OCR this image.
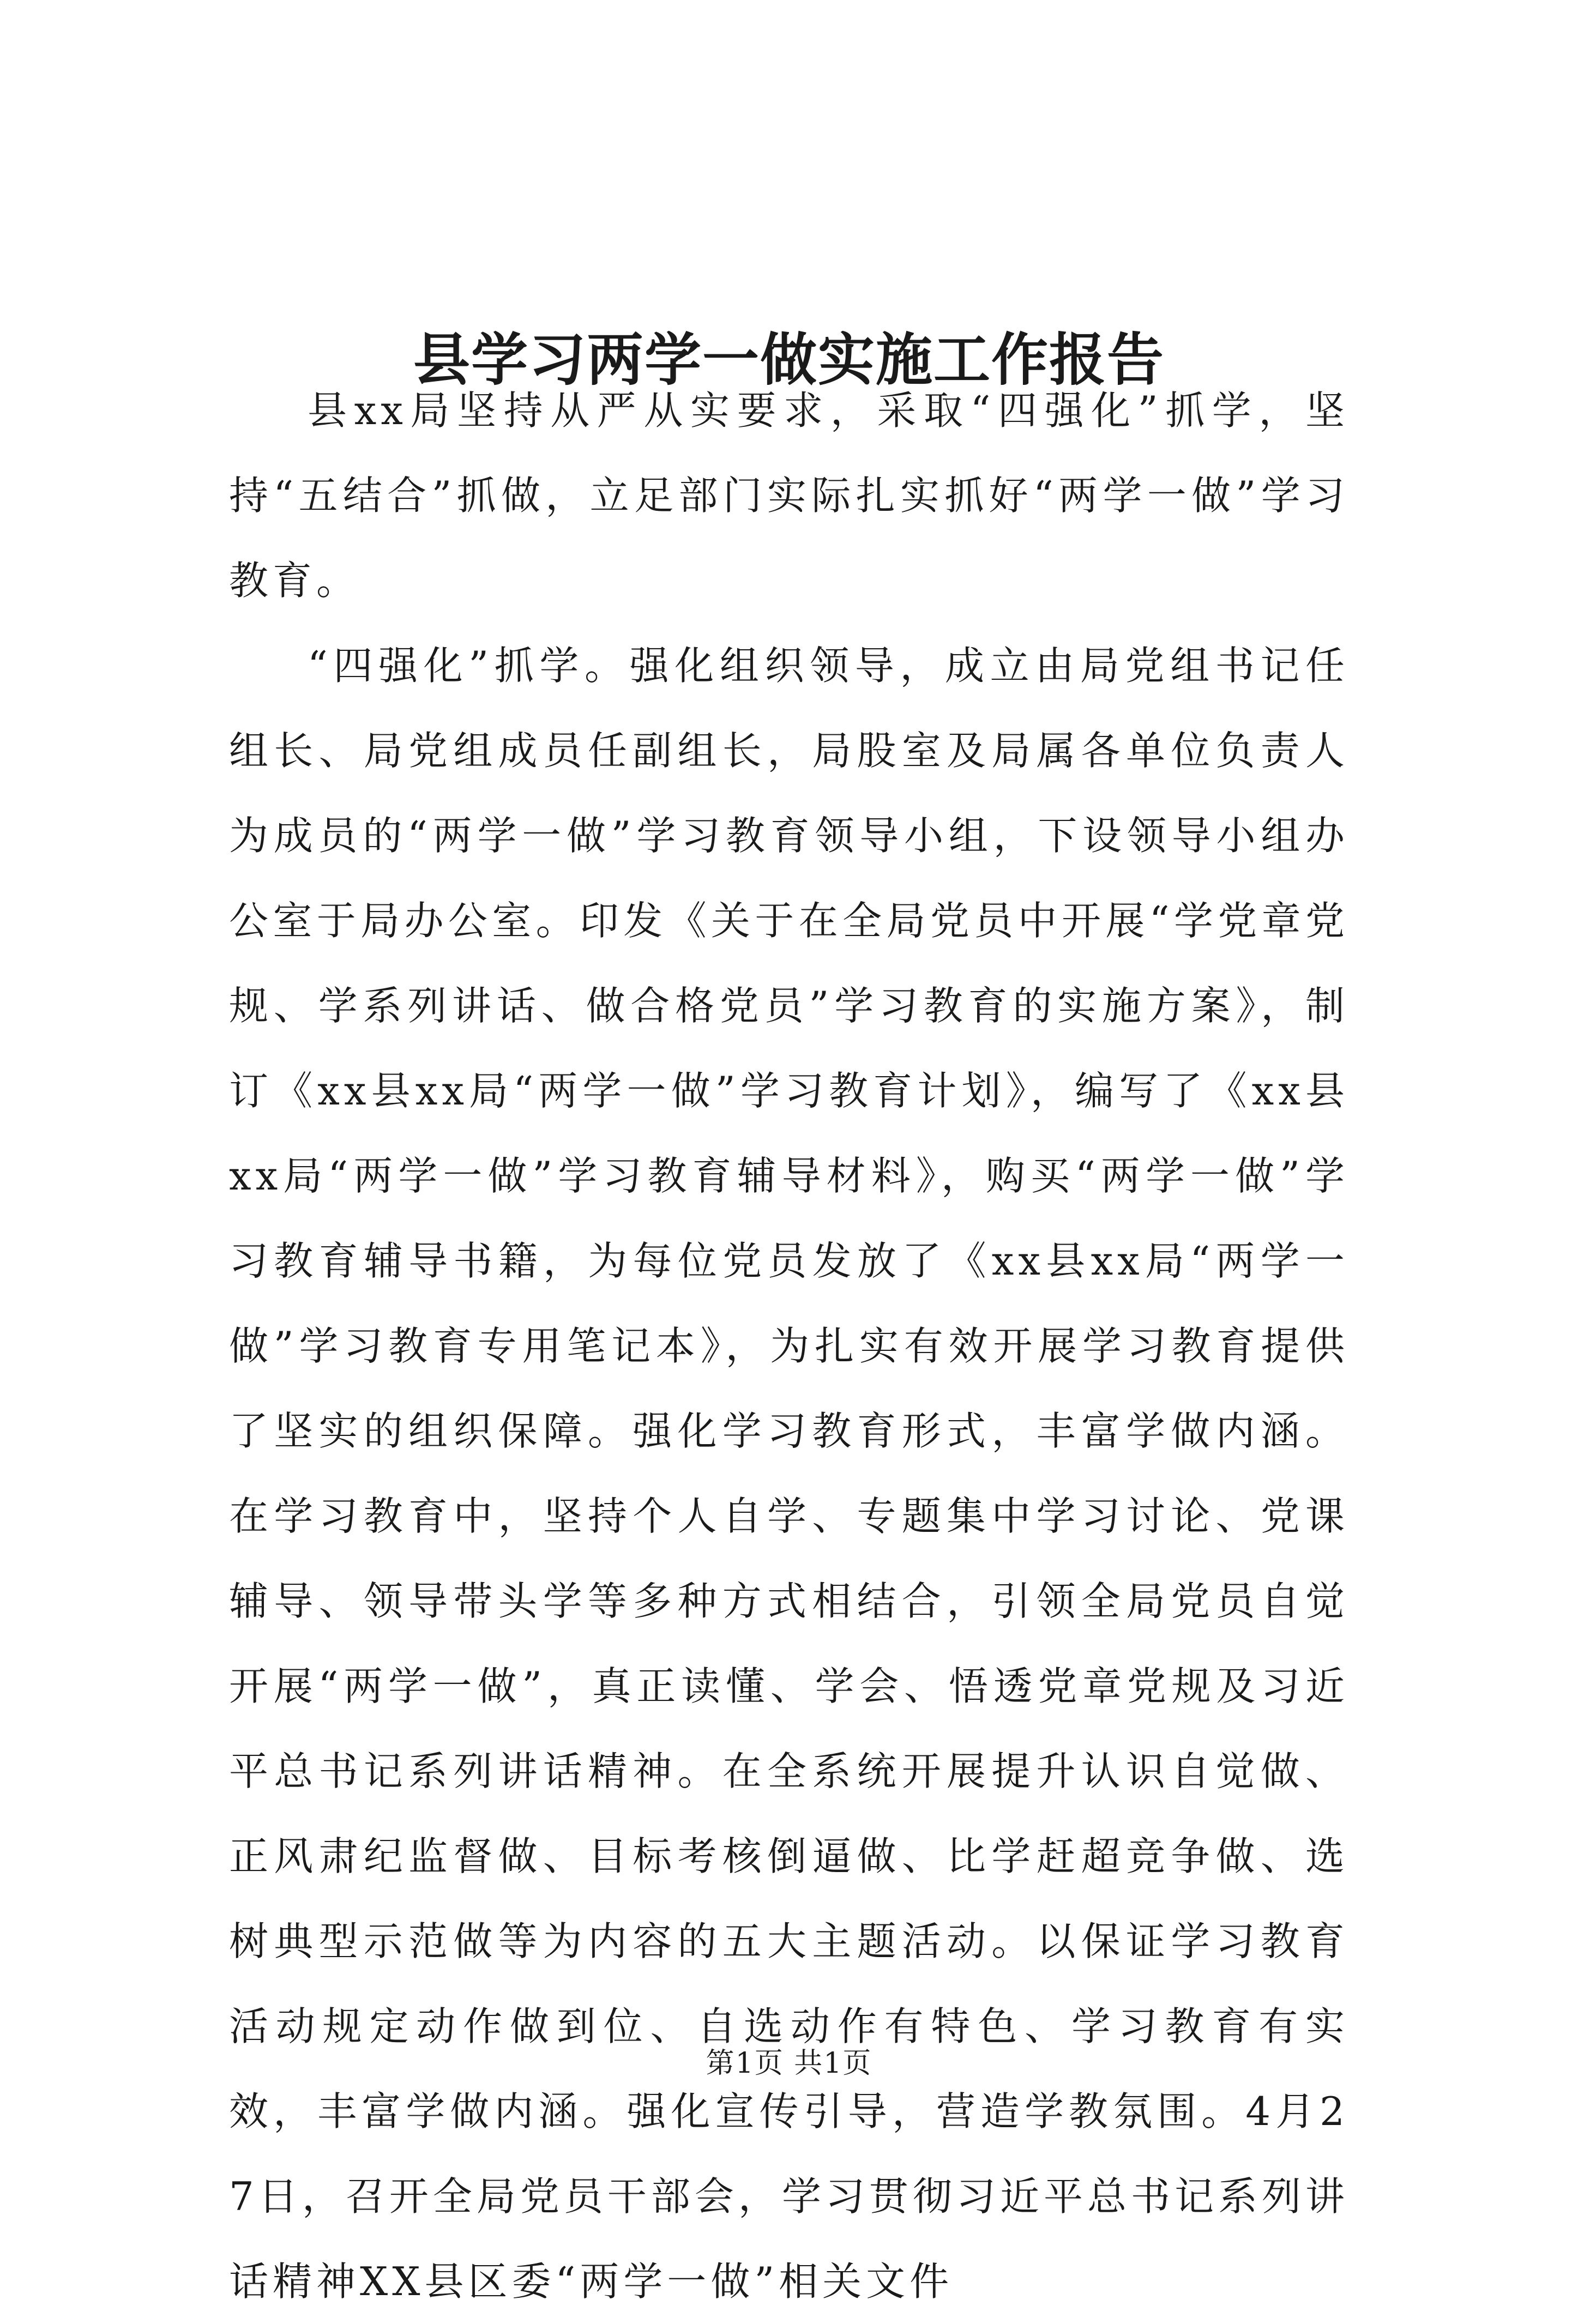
县学习两学一做实施工作报告

县xx局坚持从严从实要求，采取“四强化”抓学，坚持“五结合”抓做，立足部门实际扎实抓好“两学一做”学习教育。

“四强化”抓学。强化组织领导，成立由局党组书记任组长、局党组成员任副组长，局股室及局属各单位负责人为成员的“两学一做”学习教育领导小组，下设领导小组办公室于局办公室。印发《关于在全局党员中开展“学党章党规、学系列讲话、做合格党员”学习教育的实施方案》，制订《xx县xx局“两学一做”学习教育计划》，编写了《xx县xx局“两学一做”学习教育辅导材料》，购买“两学一做”学习教育辅导书籍，为每位党员发放了《xx县xx局“两学一做”学习教育专用笔记本》，为扎实有效开展学习教育提供了坚实的组织保障。强化学习教育形式，丰富学做内涵。在学习教育中，坚持个人自学、专题集中学习讨论、党课辅导、领导带头学等多种方式相结合，引领全局党员自觉开展“两学一做”，真正读懂、学会、悟透党章党规及习近平总书记系列讲话精神。在全系统开展提升认识自觉做、正风肃纪监督做、目标考核倒逼做、比学赶超竞争做、选树典型示范做等为内容的五大主题活动。以保证学习教育活动规定动作做到位、自选动作有特色、学习教育有实效，丰富学做内涵。强化宣传引导，营造学教氛围。4月27日，召开全局党员干部会，学习贯彻习近平总书记系列讲话精神XX县区委“两学一做”相关文件

第1页 共1页
